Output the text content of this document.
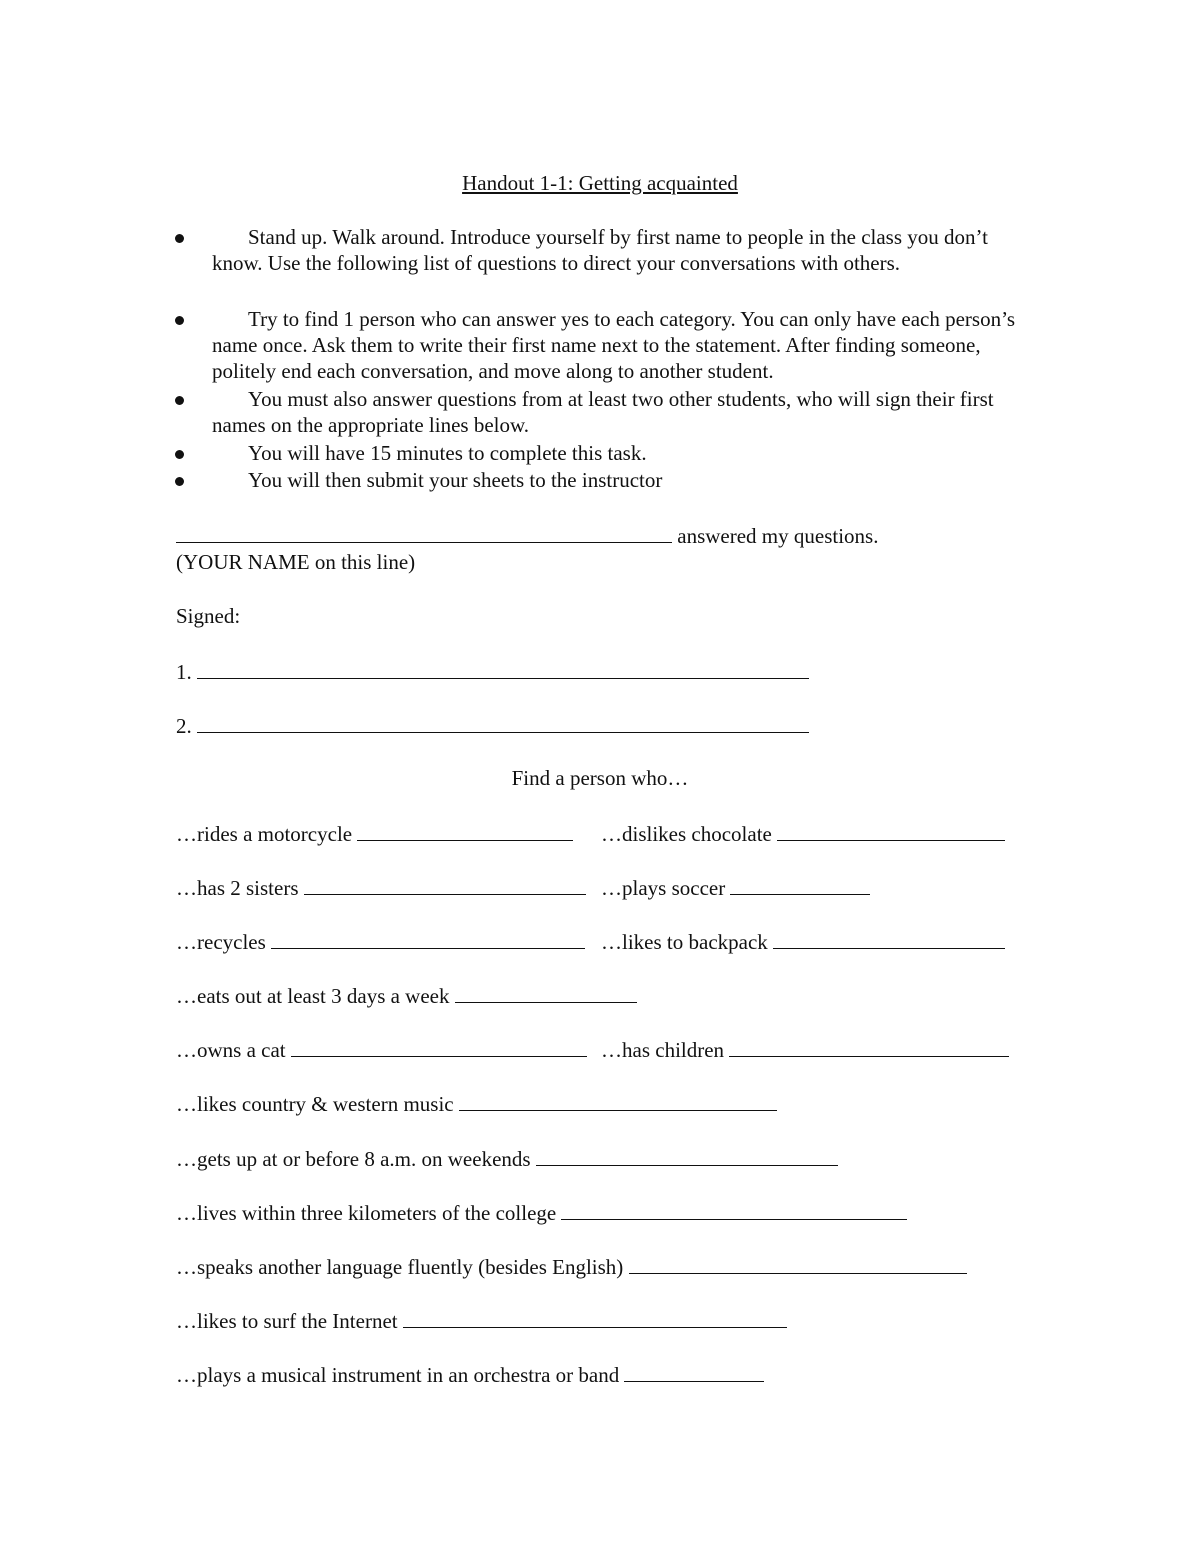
Handout 1-1: Getting acquainted
Stand up. Walk around. Introduce yourself by first name to people in the class you don’t know. Use the following list of questions to direct your conversations with others.
Try to find 1 person who can answer yes to each category. You can only have each person’s name once. Ask them to write their first name next to the statement. After finding someone, politely end each conversation, and move along to another student.
You must also answer questions from at least two other students, who will sign their first names on the appropriate lines below.
You will have 15 minutes to complete this task.
You will then submit your sheets to the instructor
answered my questions.
(YOUR NAME on this line)
Signed:
1.
2.
Find a person who…
…rides a motorcycle	…dislikes chocolate
…has 2 sisters	…plays soccer
…recycles	…likes to backpack
…eats out at least 3 days a week
…owns a cat	…has children
…likes country & western music
…gets up at or before 8 a.m. on weekends
…lives within three kilometers of the college
…speaks another language fluently (besides English)
…likes to surf the Internet
…plays a musical instrument in an orchestra or band
